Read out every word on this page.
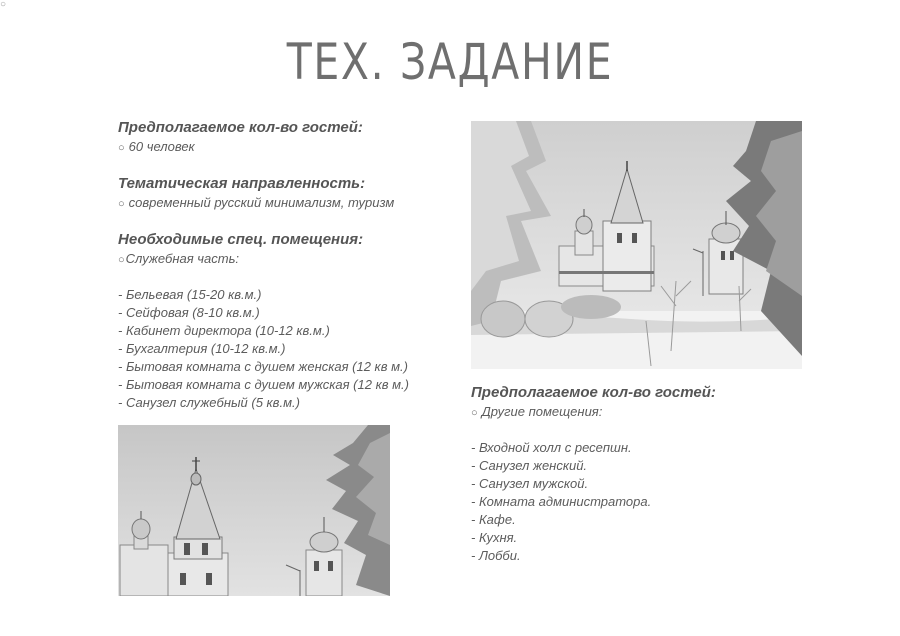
○
ТЕХ. ЗАДАНИЕ
Предполагаемое кол-во гостей:
○ 60 человек
Тематическая направленность:
○ современный русский минимализм, туризм
Необходимые спец. помещения:
○Служебная часть:
- Бельевая (15-20 кв.м.)
- Сейфовая (8-10 кв.м.)
- Кабинет директора (10-12 кв.м.)
- Бухгалтерия (10-12 кв.м.)
- Бытовая комната с душем женская (12 кв м.)
- Бытовая комната с душем мужская (12 кв м.)
- Санузел служебный (5 кв.м.)
Предполагаемое кол-во гостей:
○ Другие помещения:
- Входной холл с ресепшн.
- Санузел женский.
- Санузел мужской.
- Комната администратора.
- Кафе.
- Кухня.
- Лобби.
